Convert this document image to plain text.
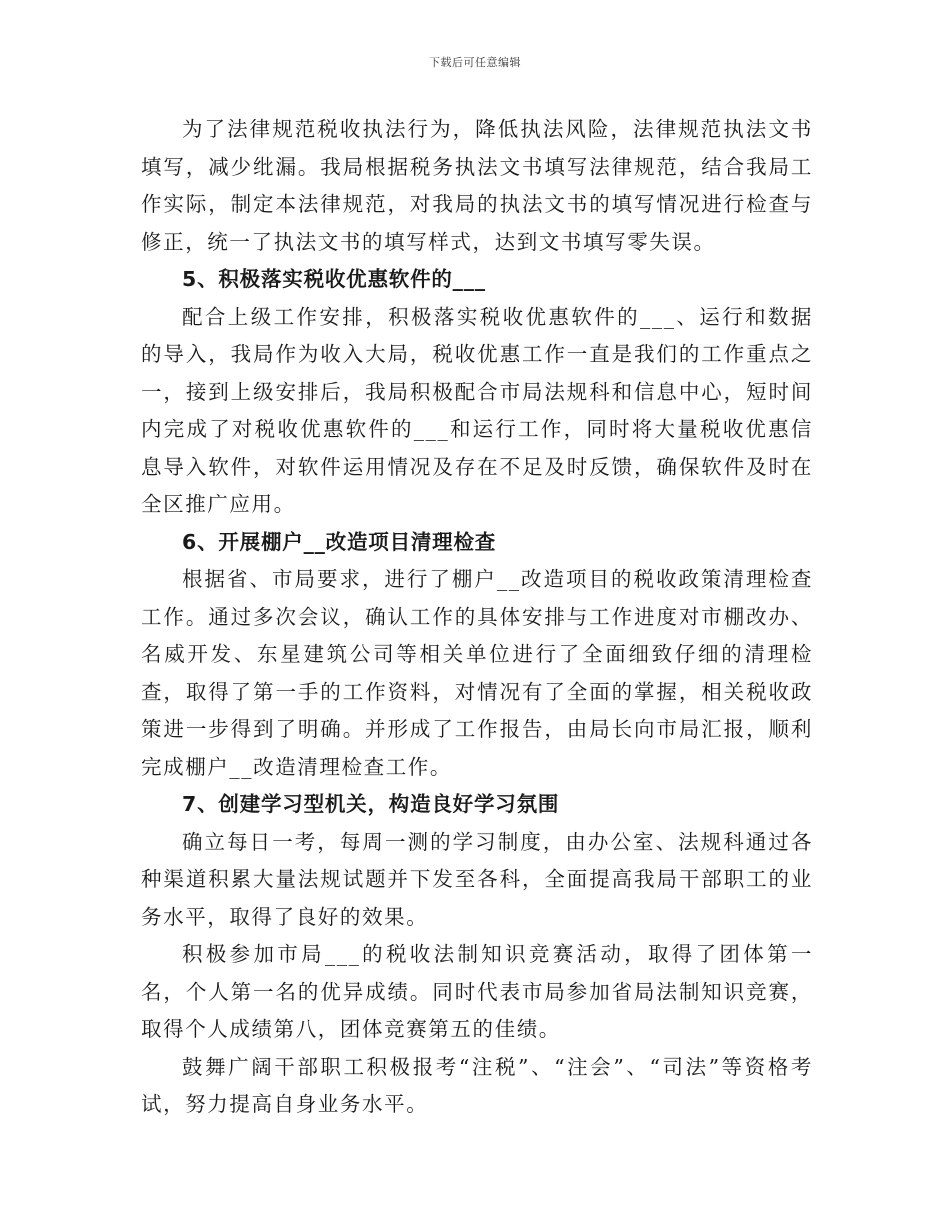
下载后可任意编辑

为了法律规范税收执法行为，降低执法风险，法律规范执法文书填写，减少纰漏。我局根据税务执法文书填写法律规范，结合我局工作实际，制定本法律规范，对我局的执法文书的填写情况进行检查与修正，统一了执法文书的填写样式，达到文书填写零失误。

5、积极落实税收优惠软件的___

配合上级工作安排，积极落实税收优惠软件的___、运行和数据的导入，我局作为收入大局，税收优惠工作一直是我们的工作重点之一，接到上级安排后，我局积极配合市局法规科和信息中心，短时间内完成了对税收优惠软件的___和运行工作，同时将大量税收优惠信息导入软件，对软件运用情况及存在不足及时反馈，确保软件及时在全区推广应用。

6、开展棚户__改造项目清理检查

根据省、市局要求，进行了棚户__改造项目的税收政策清理检查工作。通过多次会议，确认工作的具体安排与工作进度对市棚改办、名威开发、东星建筑公司等相关单位进行了全面细致仔细的清理检查，取得了第一手的工作资料，对情况有了全面的掌握，相关税收政策进一步得到了明确。并形成了工作报告，由局长向市局汇报，顺利完成棚户__改造清理检查工作。

7、创建学习型机关，构造良好学习氛围

确立每日一考，每周一测的学习制度，由办公室、法规科通过各种渠道积累大量法规试题并下发至各科，全面提高我局干部职工的业务水平，取得了良好的效果。

积极参加市局___的税收法制知识竞赛活动，取得了团体第一名，个人第一名的优异成绩。同时代表市局参加省局法制知识竞赛，取得个人成绩第八，团体竞赛第五的佳绩。

鼓舞广阔干部职工积极报考“注税”、“注会”、“司法”等资格考试，努力提高自身业务水平。
